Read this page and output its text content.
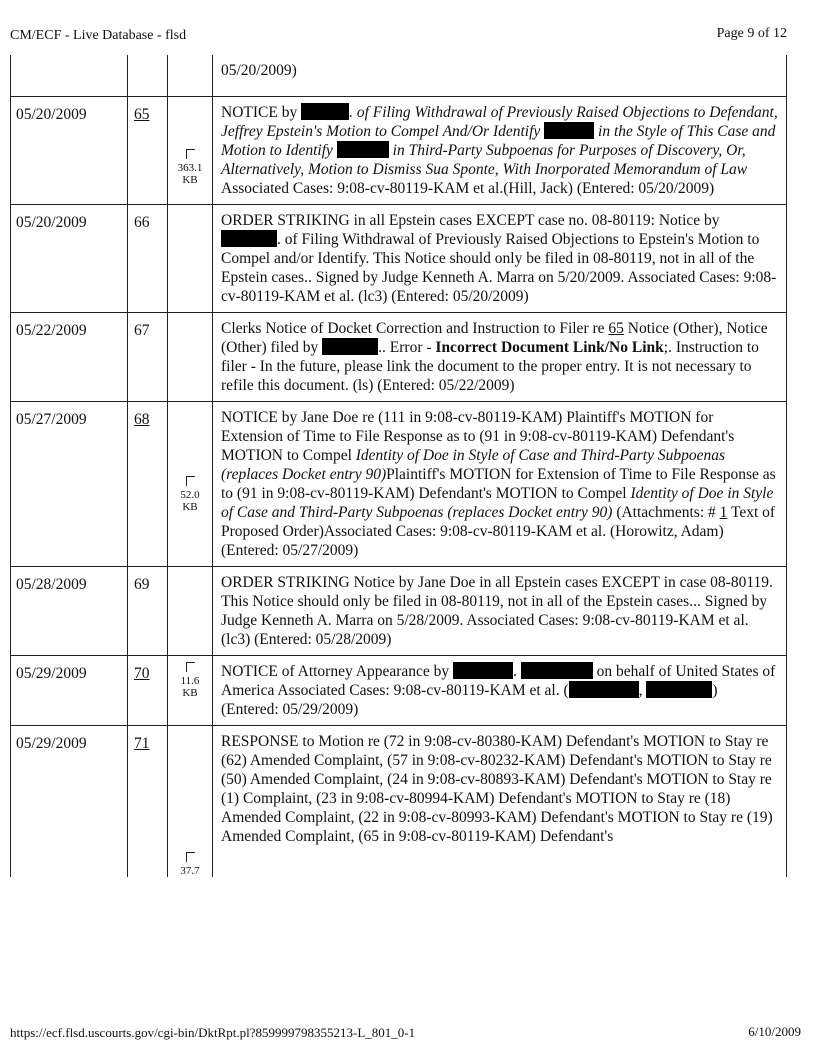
CM/ECF - Live Database - flsd	Page 9 of 12
			05/20/2009)
05/20/2009	65	363.1 KB	NOTICE by . of Filing Withdrawal of Previously Raised Objections to Defendant, Jeffrey Epstein's Motion to Compel And/Or Identify in the Style of This Case and Motion to Identify in Third-Party Subpoenas for Purposes of Discovery, Or, Alternatively, Motion to Dismiss Sua Sponte, With Inorporated Memorandum of Law Associated Cases: 9:08-cv-80119-KAM et al.(Hill, Jack) (Entered: 05/20/2009)
05/20/2009	66		ORDER STRIKING in all Epstein cases EXCEPT case no. 08-80119: Notice by . of Filing Withdrawal of Previously Raised Objections to Epstein's Motion to Compel and/or Identify. This Notice should only be filed in 08-80119, not in all of the Epstein cases.. Signed by Judge Kenneth A. Marra on 5/20/2009. Associated Cases: 9:08-cv-80119-KAM et al. (lc3) (Entered: 05/20/2009)
05/22/2009	67		Clerks Notice of Docket Correction and Instruction to Filer re 65 Notice (Other), Notice (Other) filed by .. Error - Incorrect Document Link/No Link;. Instruction to filer - In the future, please link the document to the proper entry. It is not necessary to refile this document. (ls) (Entered: 05/22/2009)
05/27/2009	68	52.0 KB	NOTICE by Jane Doe re (111 in 9:08-cv-80119-KAM) Plaintiff's MOTION for Extension of Time to File Response as to (91 in 9:08-cv-80119-KAM) Defendant's MOTION to Compel Identity of Doe in Style of Case and Third-Party Subpoenas (replaces Docket entry 90)Plaintiff's MOTION for Extension of Time to File Response as to (91 in 9:08-cv-80119-KAM) Defendant's MOTION to Compel Identity of Doe in Style of Case and Third-Party Subpoenas (replaces Docket entry 90) (Attachments: # 1 Text of Proposed Order)Associated Cases: 9:08-cv-80119-KAM et al. (Horowitz, Adam) (Entered: 05/27/2009)
05/28/2009	69		ORDER STRIKING Notice by Jane Doe in all Epstein cases EXCEPT in case 08-80119. This Notice should only be filed in 08-80119, not in all of the Epstein cases... Signed by Judge Kenneth A. Marra on 5/28/2009. Associated Cases: 9:08-cv-80119-KAM et al. (lc3) (Entered: 05/28/2009)
05/29/2009	70	11.6 KB	NOTICE of Attorney Appearance by . on behalf of United States of America Associated Cases: 9:08-cv-80119-KAM et al. ( , ) (Entered: 05/29/2009)
05/29/2009	71	37.7	RESPONSE to Motion re (72 in 9:08-cv-80380-KAM) Defendant's MOTION to Stay re (62) Amended Complaint, (57 in 9:08-cv-80232-KAM) Defendant's MOTION to Stay re (50) Amended Complaint, (24 in 9:08-cv-80893-KAM) Defendant's MOTION to Stay re (1) Complaint, (23 in 9:08-cv-80994-KAM) Defendant's MOTION to Stay re (18) Amended Complaint, (22 in 9:08-cv-80993-KAM) Defendant's MOTION to Stay re (19) Amended Complaint, (65 in 9:08-cv-80119-KAM) Defendant's
https://ecf.flsd.uscourts.gov/cgi-bin/DktRpt.pl?859999798355213-L_801_0-1	6/10/2009
